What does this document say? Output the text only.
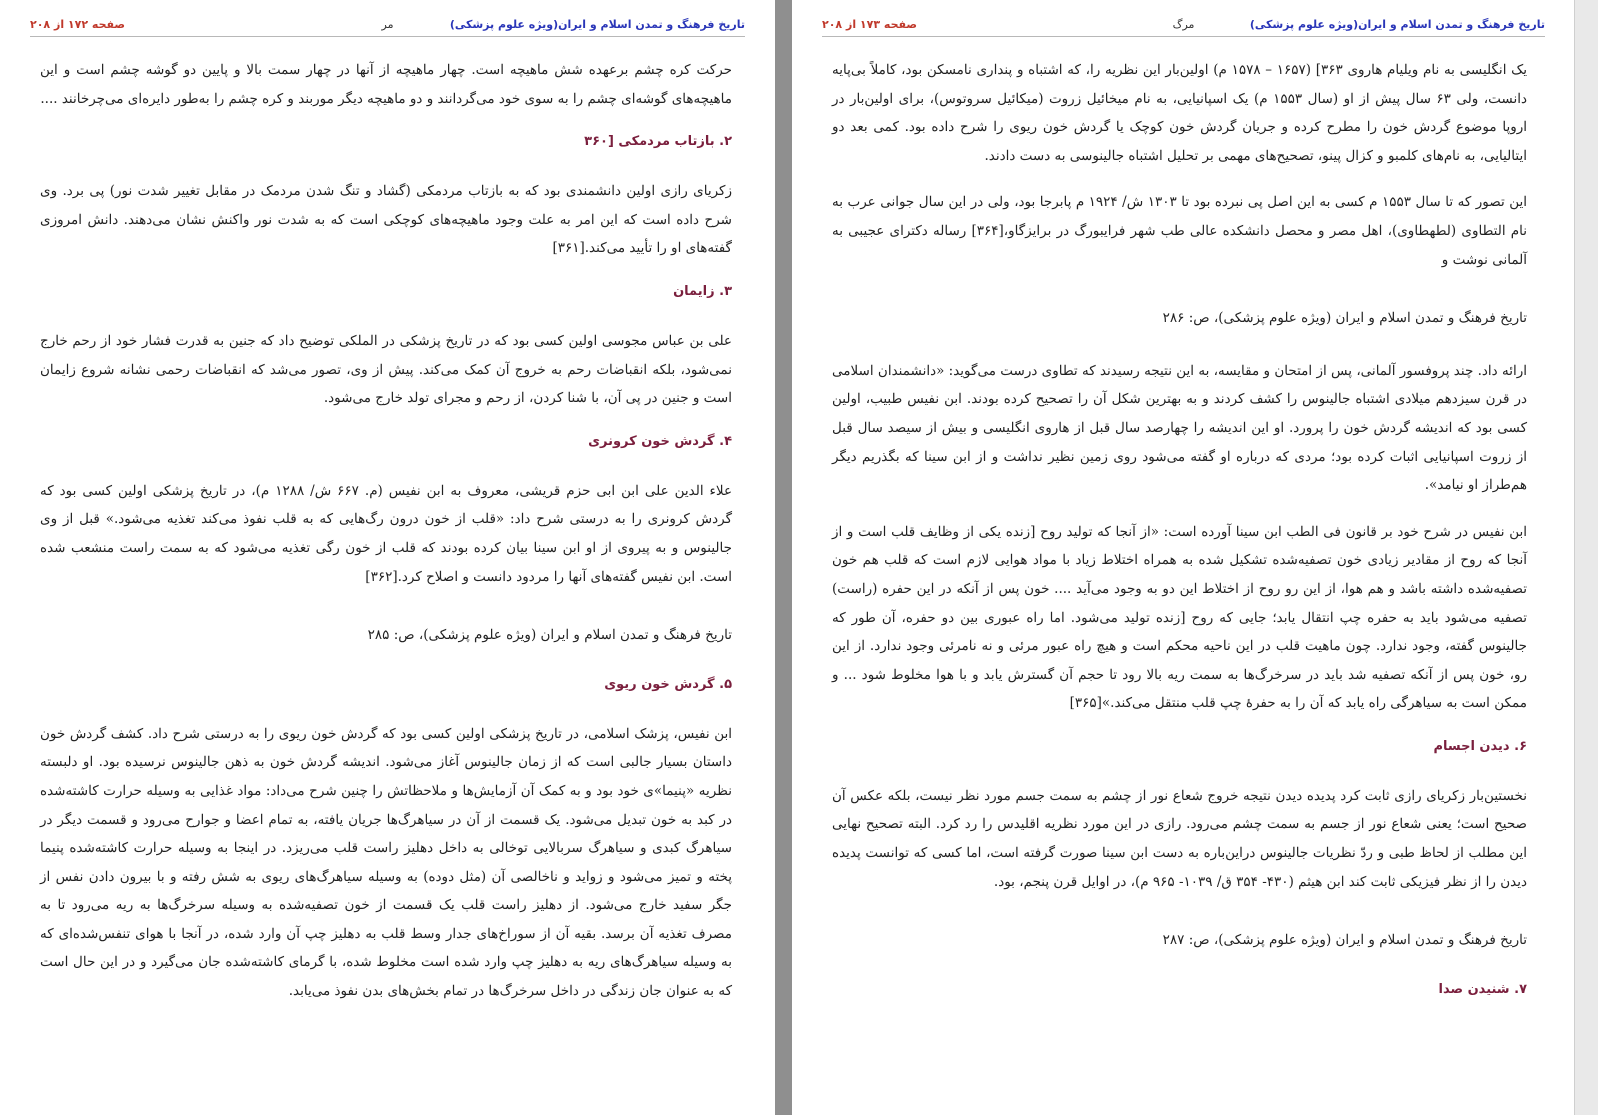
تاریخ فرهنگ و تمدن اسلام و ایران(ویژه علوم پزشکی)
مر
صفحه ۱۷۲ از ۲۰۸

حرکت کره چشم برعهده شش ماهیچه است. چهار ماهیچه از آنها در چهار سمت بالا و پایین دو گوشه چشم است و این ماهیچه‌های گوشه‌ای چشم را به سوی خود می‌گردانند و دو ماهیچه دیگر موربند و کره چشم را به‌طور دایره‌ای می‌چرخانند ....

۲. بازتاب مردمکی [۳۶۰

زکریای رازی اولین دانشمندی بود که به بازتاب مردمکی (گشاد و تنگ شدن مردمک در مقابل تغییر شدت نور) پی برد. وی شرح داده است که این امر به علت وجود ماهیچه‌های کوچکی است که به شدت نور واکنش نشان می‌دهند. دانش امروزی گفته‌های او را تأیید می‌کند.[۳۶۱]

۳. زایمان

علی بن عباس مجوسی اولین کسی بود که در تاریخ پزشکی در الملکی توضیح داد که جنین به قدرت فشار خود از رحم خارج نمی‌شود، بلکه انقباضات رحم به خروج آن کمک می‌کند. پیش از وی، تصور می‌شد که انقباضات رحمی نشانه شروع زایمان است و جنین در پی آن، با شنا کردن، از رحم و مجرای تولد خارج می‌شود.

۴. گردش خون کرونری

علاء الدین علی ابن ابی حزم قریشی، معروف به ابن نفیس (م. ۶۶۷ ش/ ۱۲۸۸ م)، در تاریخ پزشکی اولین کسی بود که گردش کرونری را به درستی شرح داد: «قلب از خون درون رگ‌هایی که به قلب نفوذ می‌کند تغذیه می‌شود.» قبل از وی جالینوس و به پیروی از او ابن سینا بیان کرده بودند که قلب از خون رگی تغذیه می‌شود که به سمت راست منشعب شده است. ابن نفیس گفته‌های آنها را مردود دانست و اصلاح کرد.[۳۶۲]

تاریخ فرهنگ و تمدن اسلام و ایران (ویژه علوم پزشکی)، ص: ۲۸۵

۵. گردش خون ریوی

ابن نفیس، پزشک اسلامی، در تاریخ پزشکی اولین کسی بود که گردش خون ریوی را به درستی شرح داد. کشف گردش خون داستان بسیار جالبی است که از زمان جالینوس آغاز می‌شود. اندیشه گردش خون به ذهن جالینوس نرسیده بود. او دلبسته نظریه «پنیما»ی خود بود و به کمک آن آزمایش‌ها و ملاحظاتش را چنین شرح می‌داد: مواد غذایی به وسیله حرارت کاشته‌شده در کبد به خون تبدیل می‌شود. یک قسمت از آن در سیاهرگ‌ها جریان یافته، به تمام اعضا و جوارح می‌رود و قسمت دیگر در سیاهرگ کبدی و سیاهرگ سربالایی توخالی به داخل دهلیز راست قلب می‌ریزد. در اینجا به وسیله حرارت کاشته‌شده پنیما پخته و تمیز می‌شود و زواید و ناخالصی آن (مثل دوده) به وسیله سیاهرگ‌های ریوی به شش رفته و با بیرون دادن نفس از جگر سفید خارج می‌شود. از دهلیز راست قلب یک قسمت از خون تصفیه‌شده به وسیله سرخرگ‌ها به ریه می‌رود تا به مصرف تغذیه آن برسد. بقیه آن از سوراخ‌های جدار وسط قلب به دهلیز چپ آن وارد شده، در آنجا با هوای تنفس‌شده‌ای که به وسیله سیاهرگ‌های ریه به دهلیز چپ وارد شده است مخلوط شده، با گرمای کاشته‌شده جان می‌گیرد و در این حال است که به عنوان جان زندگی در داخل سرخرگ‌ها در تمام بخش‌های بدن نفوذ می‌یابد.

تاریخ فرهنگ و تمدن اسلام و ایران(ویژه علوم پزشکی)
مرگ
صفحه ۱۷۳ از ۲۰۸

یک انگلیسی به نام ویلیام هاروی ۳۶۳] (۱۶۵۷ – ۱۵۷۸ م) اولین‌بار این نظریه را، که اشتباه و پنداری نامسکن بود، کاملاً بی‌پایه دانست، ولی ۶۳ سال پیش از او (سال ۱۵۵۳ م) یک اسپانیایی، به نام میخائیل زروت (میکائیل سروتوس)، برای اولین‌بار در اروپا موضوع گردش خون را مطرح کرده و جریان گردش خون کوچک یا گردش خون ریوی را شرح داده بود. کمی بعد دو ایتالیایی، به نام‌های کلمبو و کزال پینو، تصحیح‌های مهمی بر تحلیل اشتباه جالینوسی به دست دادند.

این تصور که تا سال ۱۵۵۳ م کسی به این اصل پی نبرده بود تا ۱۳۰۳ ش/ ۱۹۲۴ م پابرجا بود، ولی در این سال جوانی عرب به نام التطاوی (لطهطاوی)، اهل مصر و محصل دانشکده عالی طب شهر فرایبورگ در برایزگاو،[۳۶۴] رساله دکترای عجیبی به آلمانی نوشت و

تاریخ فرهنگ و تمدن اسلام و ایران (ویژه علوم پزشکی)، ص: ۲۸۶

ارائه داد. چند پروفسور آلمانی، پس از امتحان و مقایسه، به این نتیجه رسیدند که تطاوی درست می‌گوید: «دانشمندان اسلامی در قرن سیزدهم میلادی اشتباه جالینوس را کشف کردند و به بهترین شکل آن را تصحیح کرده بودند. ابن نفیس طبیب، اولین کسی بود که اندیشه گردش خون را پرورد. او این اندیشه را چهارصد سال قبل از هاروی انگلیسی و بیش از سیصد سال قبل از زروت اسپانیایی اثبات کرده بود؛ مردی که درباره او گفته می‌شود روی زمین نظیر نداشت و از ابن سینا که بگذریم دیگر هم‌طراز او نیامد».

ابن نفیس در شرح خود بر قانون فی الطب ابن سینا آورده است: «از آنجا که تولید روح [زنده یکی از وظایف قلب است و از آنجا که روح از مقادیر زیادی خون تصفیه‌شده تشکیل شده به همراه اختلاط زیاد با مواد هوایی لازم است که قلب هم خون تصفیه‌شده داشته باشد و هم هوا، از این رو روح از اختلاط این دو به وجود می‌آید .... خون پس از آنکه در این حفره (راست) تصفیه می‌شود باید به حفره چپ انتقال یابد؛ جایی که روح [زنده تولید می‌شود. اما راه عبوری بین دو حفره، آن طور که جالینوس گفته، وجود ندارد. چون ماهیت قلب در این ناحیه محکم است و هیچ راه عبور مرئی و نه نامرئی وجود ندارد. از این رو، خون پس از آنکه تصفیه شد باید در سرخرگ‌ها به سمت ریه بالا رود تا حجم آن گسترش یابد و با هوا مخلوط شود ... و ممکن است به سیاهرگی راه یابد که آن را به حفرهٔ چپ قلب منتقل می‌کند.»[۳۶۵]

۶. دیدن اجسام

نخستین‌بار زکریای رازی ثابت کرد پدیده دیدن نتیجه خروج شعاع نور از چشم به سمت جسم مورد نظر نیست، بلکه عکس آن صحیح است؛ یعنی شعاع نور از جسم به سمت چشم می‌رود. رازی در این مورد نظریه اقلیدس را رد کرد. البته تصحیح نهایی این مطلب از لحاظ طبی و ردّ نظریات جالینوس دراین‌باره به دست ابن سینا صورت گرفته است، اما کسی که توانست پدیده دیدن را از نظر فیزیکی ثابت کند ابن هیثم (۴۳۰- ۳۵۴ ق/ ۱۰۳۹- ۹۶۵ م)، در اوایل قرن پنجم، بود.

تاریخ فرهنگ و تمدن اسلام و ایران (ویژه علوم پزشکی)، ص: ۲۸۷

۷. شنیدن صدا
